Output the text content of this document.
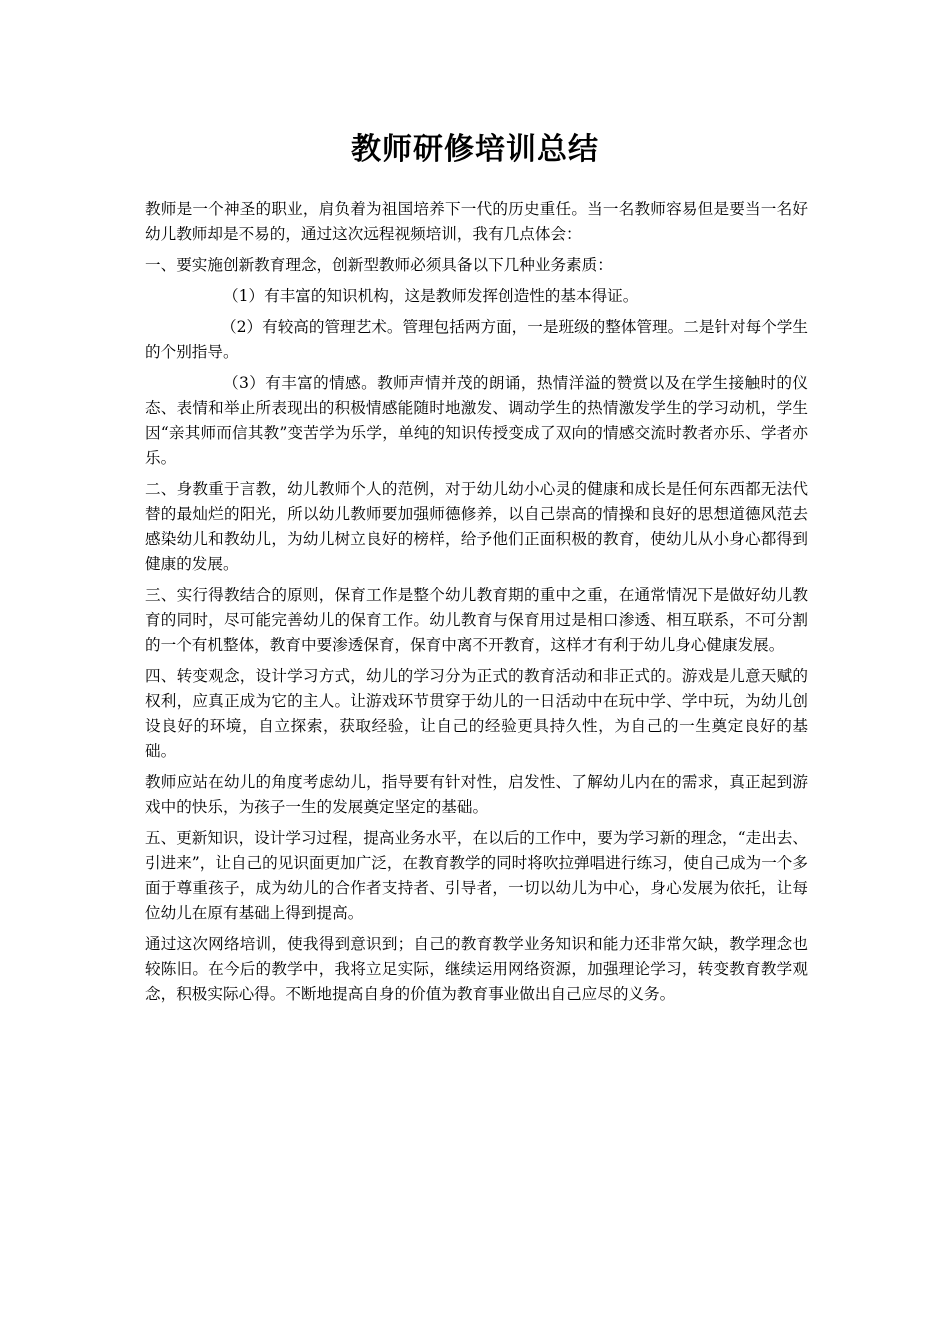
教师研修培训总结

教师是一个神圣的职业，肩负着为祖国培养下一代的历史重任。当一名教师容易但是要当一名好幼儿教师却是不易的，通过这次远程视频培训，我有几点体会：

一、要实施创新教育理念，创新型教师必须具备以下几种业务素质：

（1）有丰富的知识机构，这是教师发挥创造性的基本得证。

（2）有较高的管理艺术。管理包括两方面，一是班级的整体管理。二是针对每个学生的个别指导。

（3）有丰富的情感。教师声情并茂的朗诵，热情洋溢的赞赏以及在学生接触时的仪态、表情和举止所表现出的积极情感能随时地激发、调动学生的热情激发学生的学习动机，学生因“亲其师而信其教”变苦学为乐学，单纯的知识传授变成了双向的情感交流时教者亦乐、学者亦乐。

二、身教重于言教，幼儿教师个人的范例，对于幼儿幼小心灵的健康和成长是任何东西都无法代替的最灿烂的阳光，所以幼儿教师要加强师德修养，以自己崇高的情操和良好的思想道德风范去感染幼儿和教幼儿，为幼儿树立良好的榜样，给予他们正面积极的教育，使幼儿从小身心都得到健康的发展。

三、实行得教结合的原则，保育工作是整个幼儿教育期的重中之重，在通常情况下是做好幼儿教育的同时，尽可能完善幼儿的保育工作。幼儿教育与保育用过是相口渗透、相互联系，不可分割的一个有机整体，教育中要渗透保育，保育中离不开教育，这样才有利于幼儿身心健康发展。

四、转变观念，设计学习方式，幼儿的学习分为正式的教育活动和非正式的。游戏是儿意天赋的权利，应真正成为它的主人。让游戏环节贯穿于幼儿的一日活动中在玩中学、学中玩，为幼儿创设良好的环境，自立探索，获取经验，让自己的经验更具持久性，为自己的一生奠定良好的基础。

教师应站在幼儿的角度考虑幼儿，指导要有针对性，启发性、了解幼儿内在的需求，真正起到游戏中的快乐，为孩子一生的发展奠定坚定的基础。

五、更新知识，设计学习过程，提高业务水平，在以后的工作中，要为学习新的理念，“走出去、引进来”，让自己的见识面更加广泛，在教育教学的同时将吹拉弹唱进行练习，使自己成为一个多面于尊重孩子，成为幼儿的合作者支持者、引导者，一切以幼儿为中心，身心发展为依托，让每位幼儿在原有基础上得到提高。

通过这次网络培训，使我得到意识到；自己的教育教学业务知识和能力还非常欠缺，教学理念也较陈旧。在今后的教学中，我将立足实际，继续运用网络资源，加强理论学习，转变教育教学观念，积极实际心得。不断地提高自身的价值为教育事业做出自己应尽的义务。
